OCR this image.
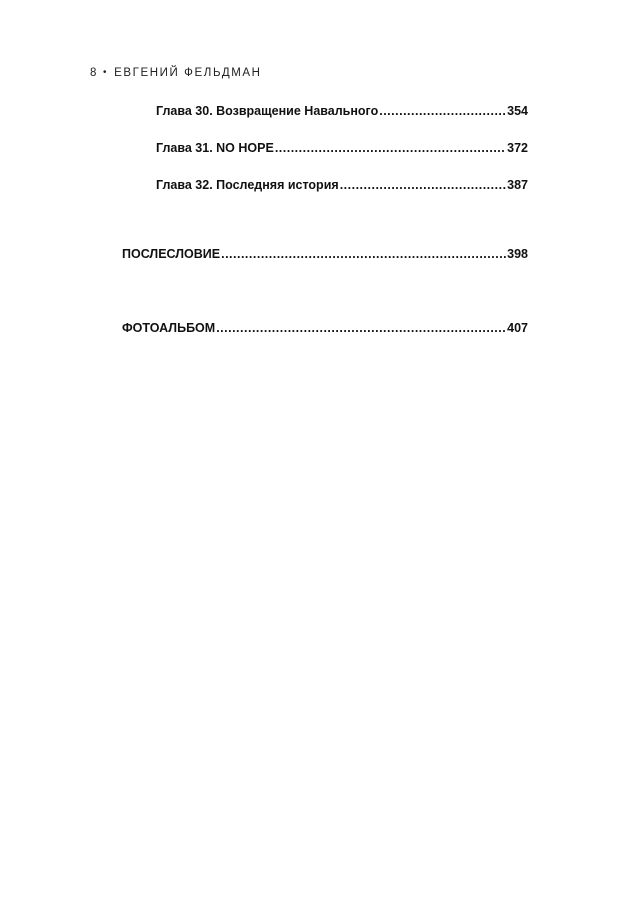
8 • ЕВГЕНИЙ ФЕЛЬДМАН
Глава 30. Возвращение Навального .....	354
Глава 31. NO HOPE .....	372
Глава 32. Последняя история .....	387
ПОСЛЕСЛОВИЕ .....	398
ФОТОАЛЬБОМ .....	407
